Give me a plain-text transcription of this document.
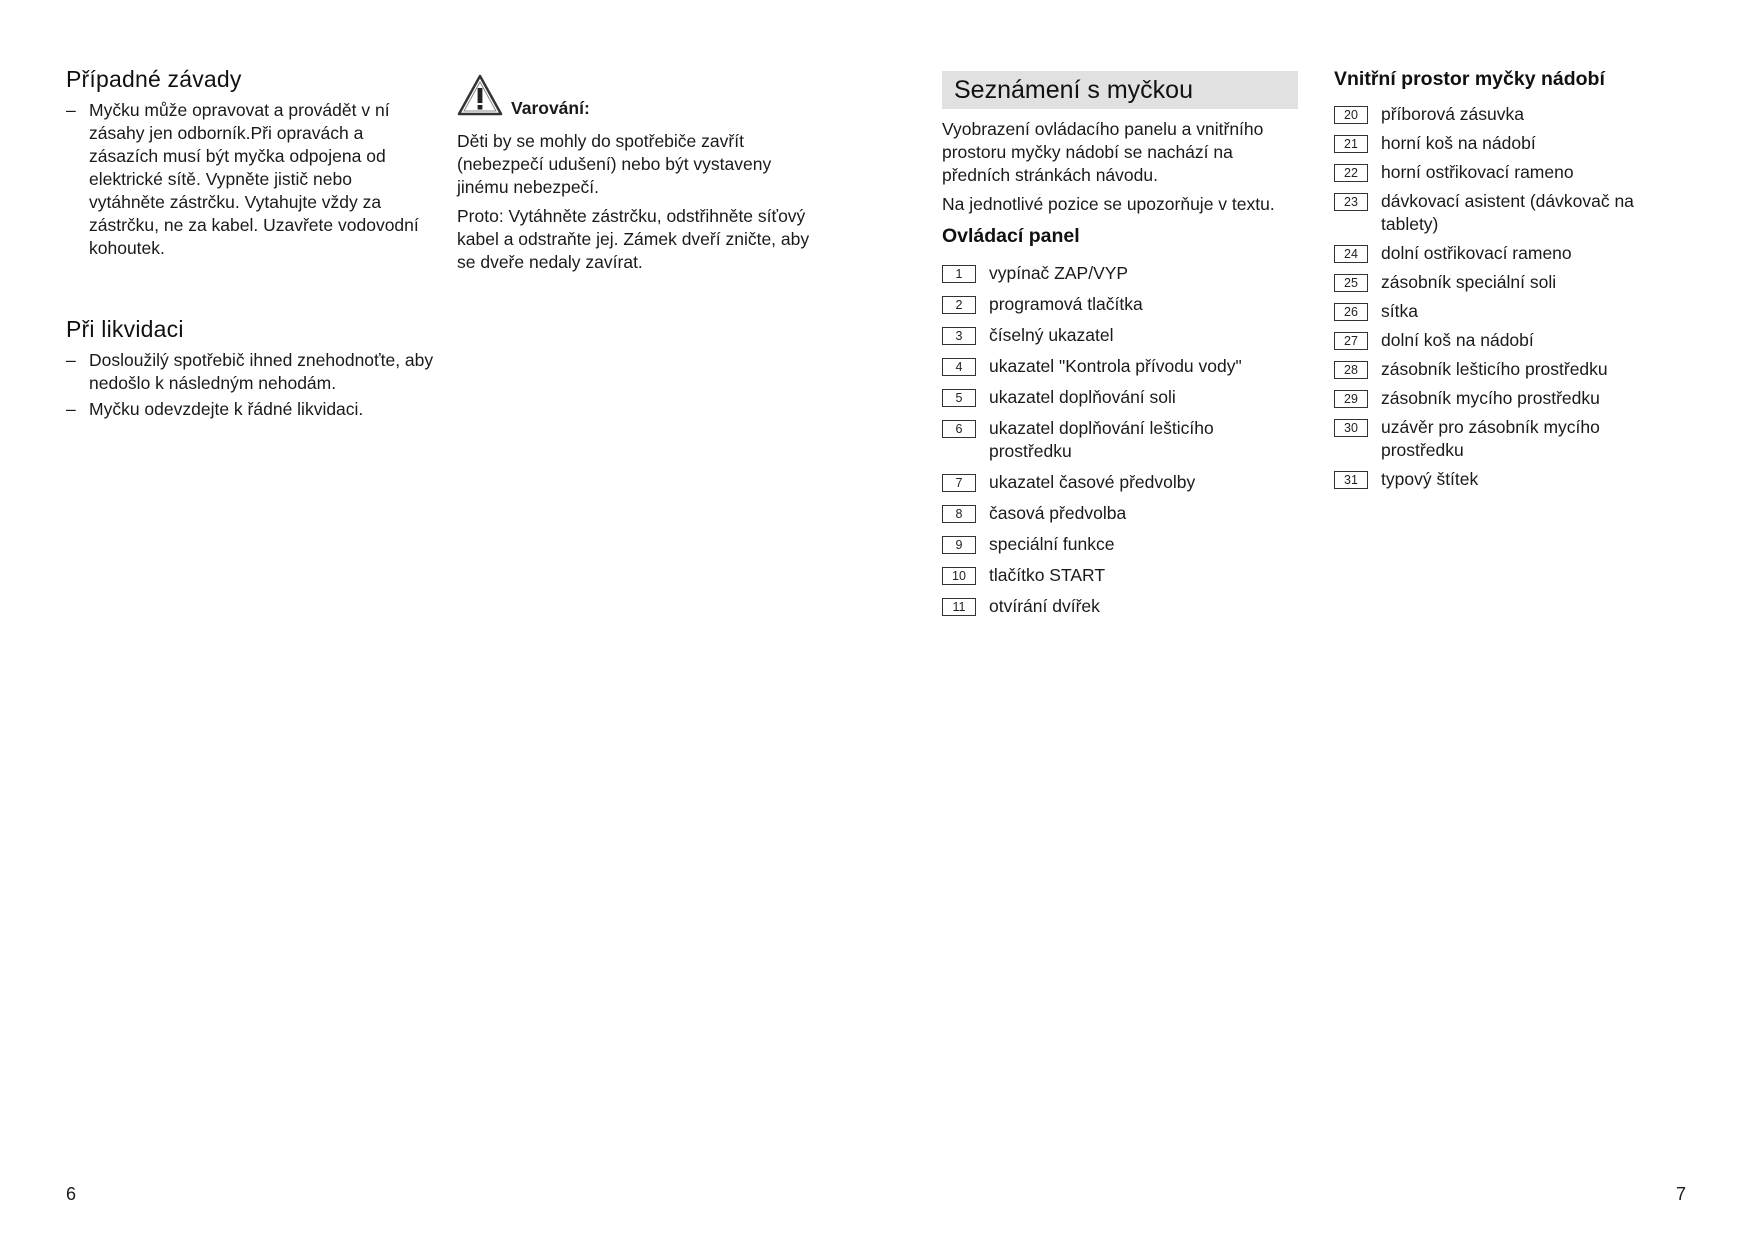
Případné závady
– Myčku může opravovat a provádět v ní zásahy jen odborník.Při opravách a zásazích musí být myčka odpojena od elektrické sítě. Vypněte jistič nebo vytáhněte zástrčku. Vytahujte vždy za zástrčku, ne za kabel. Uzavřete vodovodní kohoutek.
Při likvidaci
– Dosloužilý spotřebič ihned znehodnoťte, aby nedošlo k následným nehodám.
– Myčku odevzdejte k řádné likvidaci.
Varování:

Děti by se mohly do spotřebiče zavřít (nebezpečí udušení) nebo být vystaveny jinému nebezpečí.

Proto: Vytáhněte zástrčku, odstřihněte síťový kabel a odstraňte jej. Zámek dveří zničte, aby se dveře nedaly zavírat.

6
Seznámení s myčkou

Vyobrazení ovládacího panelu a vnitřního prostoru myčky nádobí se nachází na předních stránkách návodu.

Na jednotlivé pozice se upozorňuje v textu.

Ovládací panel
1	vypínač ZAP/VYP
2	programová tlačítka
3	číselný ukazatel
4	ukazatel "Kontrola přívodu vody"
5	ukazatel doplňování soli
6	ukazatel doplňování lešticího prostředku
7	ukazatel časové předvolby
8	časová předvolba
9	speciální funkce
10	tlačítko START
11	otvírání dvířek
Vnitřní prostor myčky nádobí
20	příborová zásuvka
21	horní koš na nádobí
22	horní ostřikovací rameno
23	dávkovací asistent (dávkovač na tablety)
24	dolní ostřikovací rameno
25	zásobník speciální soli
26	sítka
27	dolní koš na nádobí
28	zásobník lešticího prostředku
29	zásobník mycího prostředku
30	uzávěr pro zásobník mycího prostředku
31	typový štítek
7
